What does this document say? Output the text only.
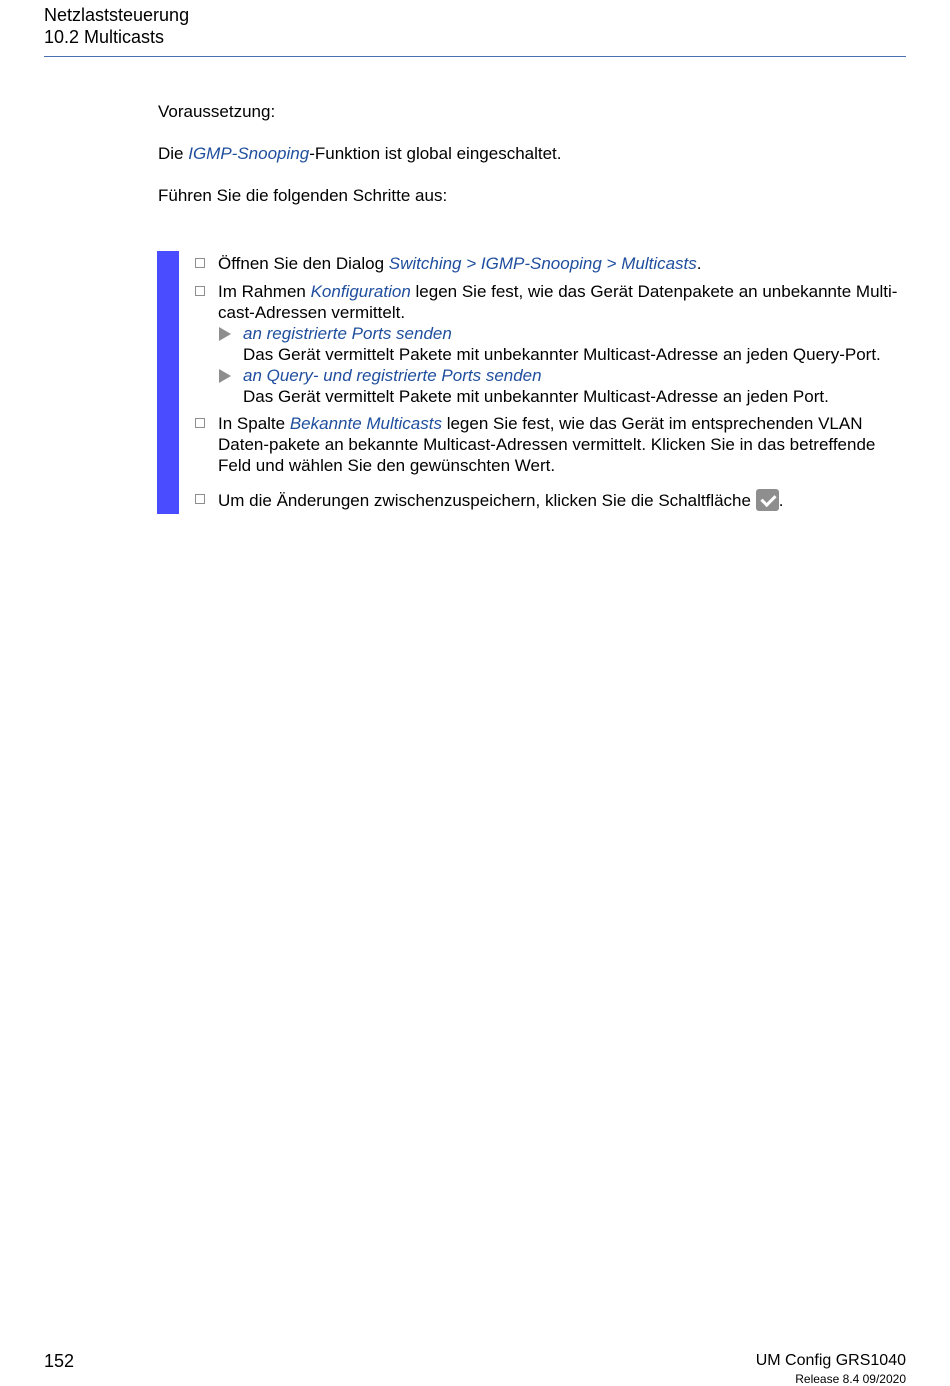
Netzlaststeuerung
10.2 Multicasts
Voraussetzung:
Die IGMP-Snooping-Funktion ist global eingeschaltet.
Führen Sie die folgenden Schritte aus:
Öffnen Sie den Dialog Switching > IGMP-Snooping > Multicasts.
Im Rahmen Konfiguration legen Sie fest, wie das Gerät Datenpakete an unbekannte Multi-cast-Adressen vermittelt.
an registrierte Ports senden
Das Gerät vermittelt Pakete mit unbekannter Multicast-Adresse an jeden Query-Port.
an Query- und registrierte Ports senden
Das Gerät vermittelt Pakete mit unbekannter Multicast-Adresse an jeden Port.
In Spalte Bekannte Multicasts legen Sie fest, wie das Gerät im entsprechenden VLAN Daten-pakete an bekannte Multicast-Adressen vermittelt. Klicken Sie in das betreffende Feld und wählen Sie den gewünschten Wert.
Um die Änderungen zwischenzuspeichern, klicken Sie die Schaltfläche .
152	UM Config GRS1040
Release 8.4 09/2020
